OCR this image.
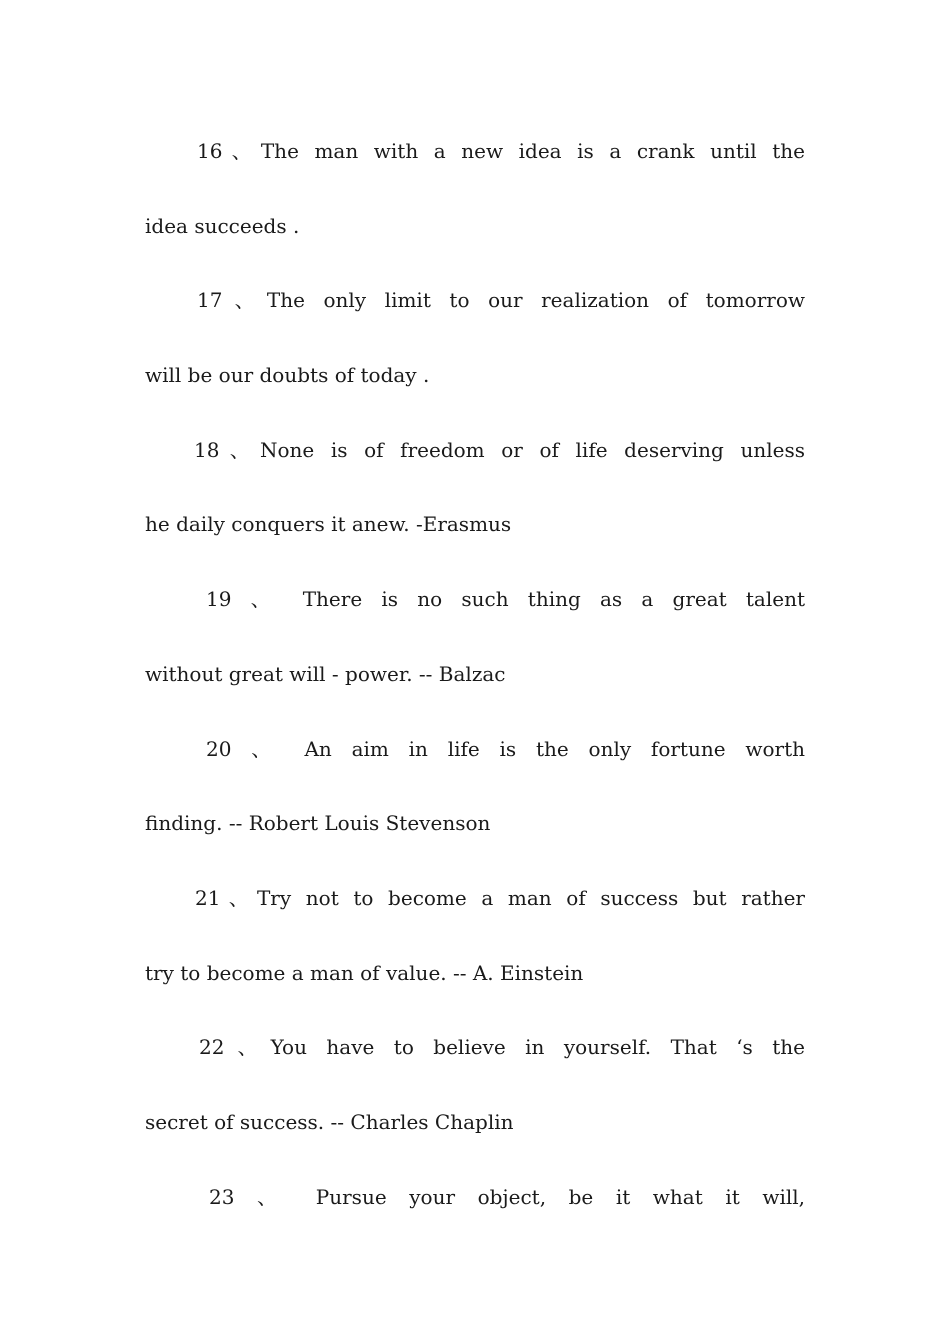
16、The man with a new idea is a crank until the
idea succeeds .
17、The only limit to our realization of tomorrow
will be our doubts of today .
18、None is of freedom or of life deserving unless
he daily conquers it anew. -Erasmus
19 、 There is no such thing as a great talent
without great will - power. -- Balzac
20 、 An aim in life is the only fortune worth
finding. -- Robert Louis Stevenson
21、Try not to become a man of success but rather
try to become a man of value. -- A. Einstein
22、You have to believe in yourself. That ‘s the
secret of success. -- Charles Chaplin
23 、 Pursue your object, be it what it will,
